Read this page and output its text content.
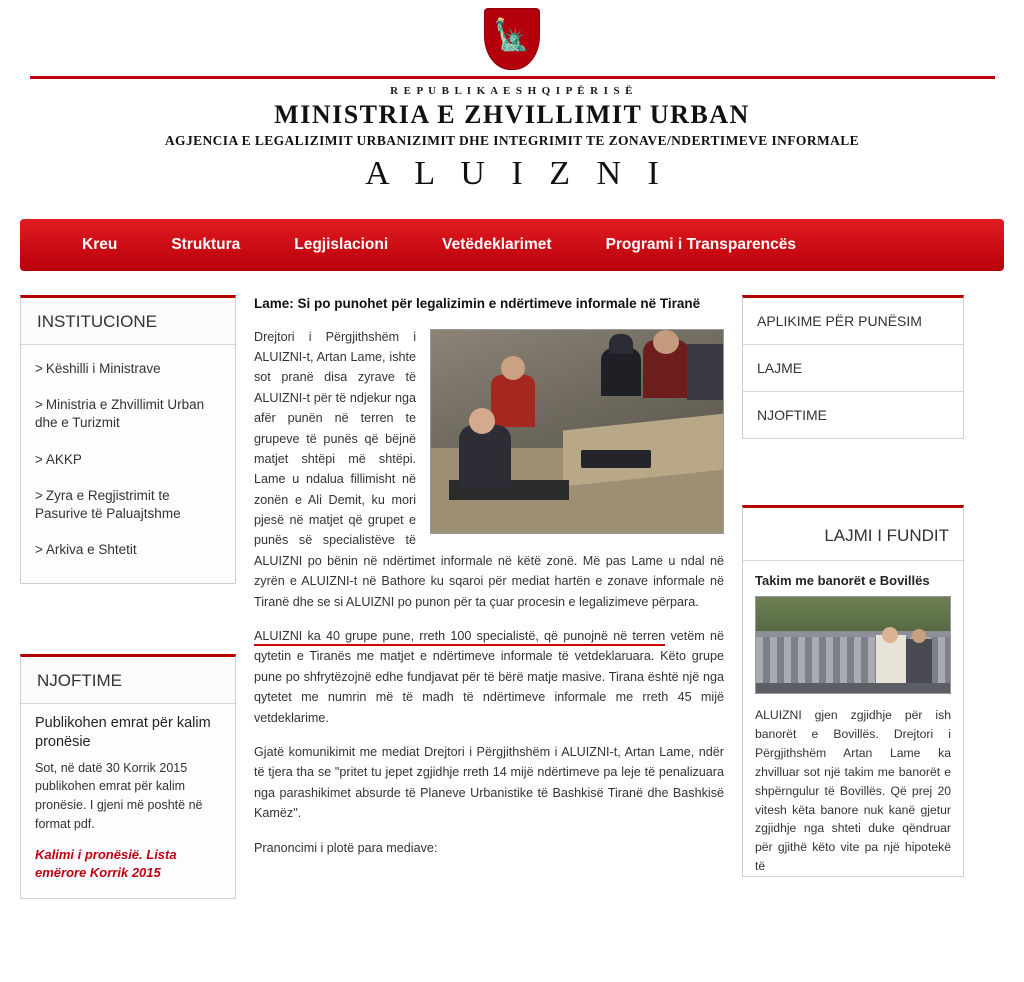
🗽
R E P U B L I K A E S H Q I P Ë R I S Ë
MINISTRIA E ZHVILLIMIT URBAN
AGJENCIA E LEGALIZIMIT URBANIZIMIT DHE INTEGRIMIT TE ZONAVE/NDERTIMEVE INFORMALE
A L U I Z N I
Kreu	Struktura	Legjislacioni	Vetëdeklarimet	Programi i Transparencës
INSTITUCIONE
> Këshilli i Ministrave
> Ministria e Zhvillimit Urban dhe e Turizmit
> AKKP
> Zyra e Regjistrimit te Pasurive të Paluajtshme
> Arkiva e Shtetit
NJOFTIME
Publikohen emrat për kalim pronësie
Sot, në datë 30 Korrik 2015 publikohen emrat për kalim pronësie. I gjeni më poshtë në format pdf.
Kalimi i pronësië. Lista emërore Korrik 2015
Lame: Si po punohet për legalizimin e ndërtimeve informale në Tiranë

Drejtori i Përgjithshëm i ALUIZNI-t, Artan Lame, ishte sot pranë disa zyrave të ALUIZNI-t për të ndjekur nga afër punën në terren te grupeve të punës që bëjnë matjet shtëpi më shtëpi. Lame u ndalua fillimisht në zonën e Ali Demit, ku mori pjesë në matjet që grupet e punës së specialistëve të ALUIZNI po bënin në ndërtimet informale në këtë zonë. Më pas Lame u ndal në zyrën e ALUIZNI-t në Bathore ku sqaroi për mediat hartën e zonave informale në Tiranë dhe se si ALUIZNI po punon për ta çuar procesin e legalizimeve përpara.

ALUIZNI ka 40 grupe pune, rreth 100 specialistë, që punojnë në terren vetëm në qytetin e Tiranës me matjet e ndërtimeve informale të vetdeklaruara. Këto grupe pune po shfrytëzojnë edhe fundjavat për të bërë matje masive. Tirana është një nga qytetet me numrin më të madh të ndërtimeve informale me rreth 45 mijë vetdeklarime.

Gjatë komunikimit me mediat Drejtori i Përgjithshëm i ALUIZNI-t, Artan Lame, ndër të tjera tha se "pritet tu jepet zgjidhje rreth 14 mijë ndërtimeve pa leje të penalizuara nga parashikimet absurde të Planeve Urbanistike të Bashkisë Tiranë dhe Bashkisë Kamëz".

Pranoncimi i plotë para mediave:

APLIKIME PËR PUNËSIM
LAJME
NJOFTIME
LAJMI I FUNDIT
Takim me banorët e Bovillës
ALUIZNI gjen zgjidhje për ish banorët e Bovillës. Drejtori i Përgjithshëm Artan Lame ka zhvilluar sot një takim me banorët e shpërngulur të Bovillës. Që prej 20 vitesh këta banore nuk kanë gjetur zgjidhje nga shteti duke qëndruar për gjithë këto vite pa një hipotekë të
